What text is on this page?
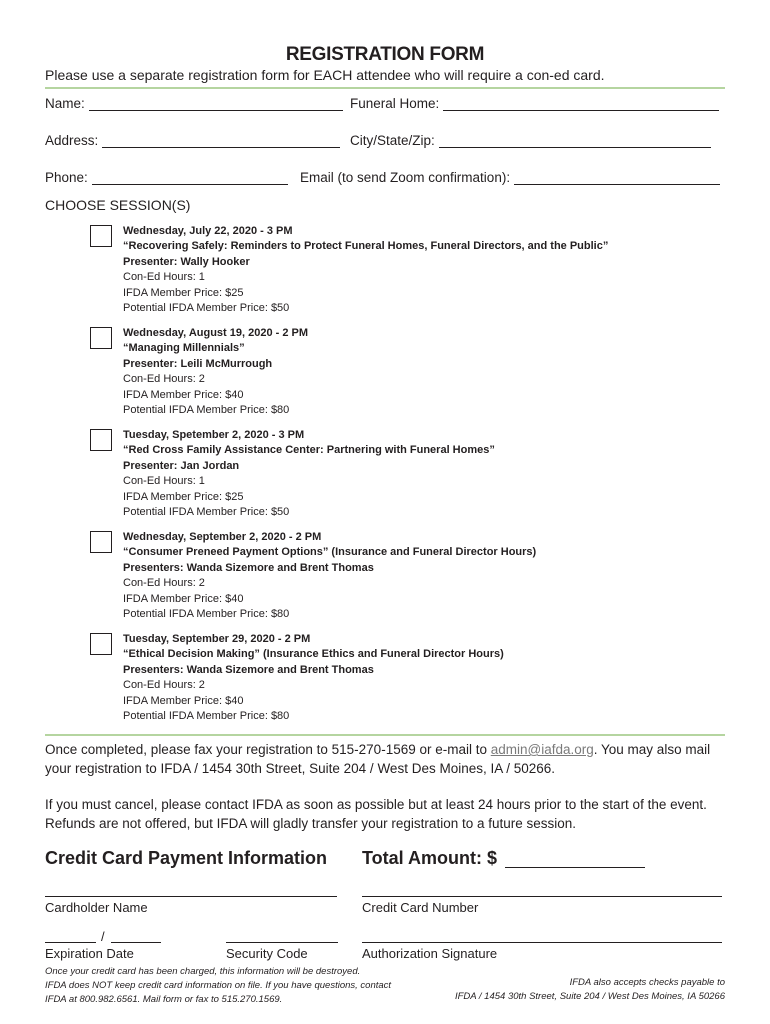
REGISTRATION FORM
Please use a separate registration form for EACH attendee who will require a con-ed card.
Name:	Funeral Home:
Address:	City/State/Zip:
Phone:	Email (to send Zoom confirmation):
CHOOSE SESSION(S)
Wednesday, July 22, 2020 - 3 PM
“Recovering Safely: Reminders to Protect Funeral Homes, Funeral Directors, and the Public”
Presenter: Wally Hooker
Con-Ed Hours: 1
IFDA Member Price: $25
Potential IFDA Member Price: $50
Wednesday, August 19, 2020 - 2 PM
“Managing Millennials”
Presenter: Leili McMurrough
Con-Ed Hours: 2
IFDA Member Price: $40
Potential IFDA Member Price: $80
Tuesday, Spetember 2, 2020 - 3 PM
“Red Cross Family Assistance Center: Partnering with Funeral Homes”
Presenter: Jan Jordan
Con-Ed Hours: 1
IFDA Member Price: $25
Potential IFDA Member Price: $50
Wednesday, September 2, 2020 - 2 PM
“Consumer Preneed Payment Options” (Insurance and Funeral Director Hours)
Presenters: Wanda Sizemore and Brent Thomas
Con-Ed Hours: 2
IFDA Member Price: $40
Potential IFDA Member Price: $80
Tuesday, September 29, 2020 - 2 PM
“Ethical Decision Making” (Insurance Ethics and Funeral Director Hours)
Presenters: Wanda Sizemore and Brent Thomas
Con-Ed Hours: 2
IFDA Member Price: $40
Potential IFDA Member Price: $80
Once completed, please fax your registration to 515-270-1569 or e-mail to admin@iafda.org. You may also mail your registration to IFDA / 1454 30th Street, Suite 204 / West Des Moines, IA / 50266.
If you must cancel, please contact IFDA as soon as possible but at least 24 hours prior to the start of the event. Refunds are not offered, but IFDA will gladly transfer your registration to a future session.
Credit Card Payment Information Total Amount: $
Cardholder Name	Credit Card Number
/
Expiration Date	Security Code	Authorization Signature
Once your credit card has been charged, this information will be destroyed.
IFDA does NOT keep credit card information on file. If you have questions, contact
IFDA at 800.982.6561. Mail form or fax to 515.270.1569.
IFDA also accepts checks payable to
IFDA / 1454 30th Street, Suite 204 / West Des Moines, IA 50266
